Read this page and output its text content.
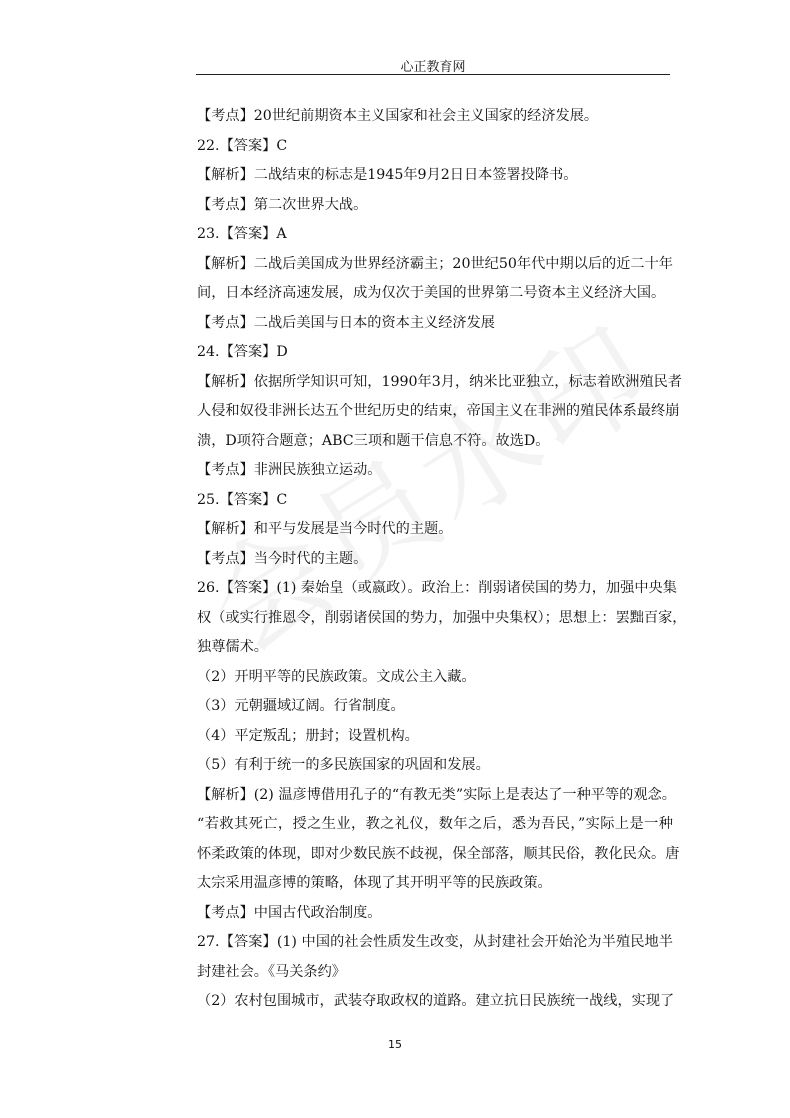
心正教育网
【考点】20世纪前期资本主义国家和社会主义国家的经济发展。
22.【答案】C
【解析】二战结束的标志是1945年9月2日日本签署投降书。
【考点】第二次世界大战。
23.【答案】A
【解析】二战后美国成为世界经济霸主；20世纪50年代中期以后的近二十年
间，日本经济高速发展，成为仅次于美国的世界第二号资本主义经济大国。
【考点】二战后美国与日本的资本主义经济发展
24.【答案】D
【解析】依据所学知识可知，1990年3月，纳米比亚独立，标志着欧洲殖民者
人侵和奴役非洲长达五个世纪历史的结束，帝国主义在非洲的殖民体系最终崩
溃，D项符合题意；ABC三项和题干信息不符。故选D。
【考点】非洲民族独立运动。
25.【答案】C
【解析】和平与发展是当今时代的主题。
【考点】当今时代的主题。
26.【答案】(1) 秦始皇（或嬴政）。政治上：削弱诸侯国的势力，加强中央集
权（或实行推恩令，削弱诸侯国的势力，加强中央集权）；思想上：罢黜百家，
独尊儒术。
（2）开明平等的民族政策。文成公主入藏。
（3）元朝疆域辽阔。行省制度。
（4）平定叛乱；册封；设置机构。
（5）有利于统一的多民族国家的巩固和发展。
【解析】(2) 温彦博借用孔子的“有教无类”实际上是表达了一种平等的观念。
“若救其死亡，授之生业，教之礼仪，数年之后，悉为吾民，”实际上是一种
怀柔政策的体现，即对少数民族不歧视，保全部落，顺其民俗，教化民众。唐
太宗采用温彦博的策略，体现了其开明平等的民族政策。
【考点】中国古代政治制度。
27.【答案】(1) 中国的社会性质发生改变，从封建社会开始沦为半殖民地半
封建社会。《马关条约》
（2）农村包围城市，武装夺取政权的道路。建立抗日民族统一战线，实现了
15
